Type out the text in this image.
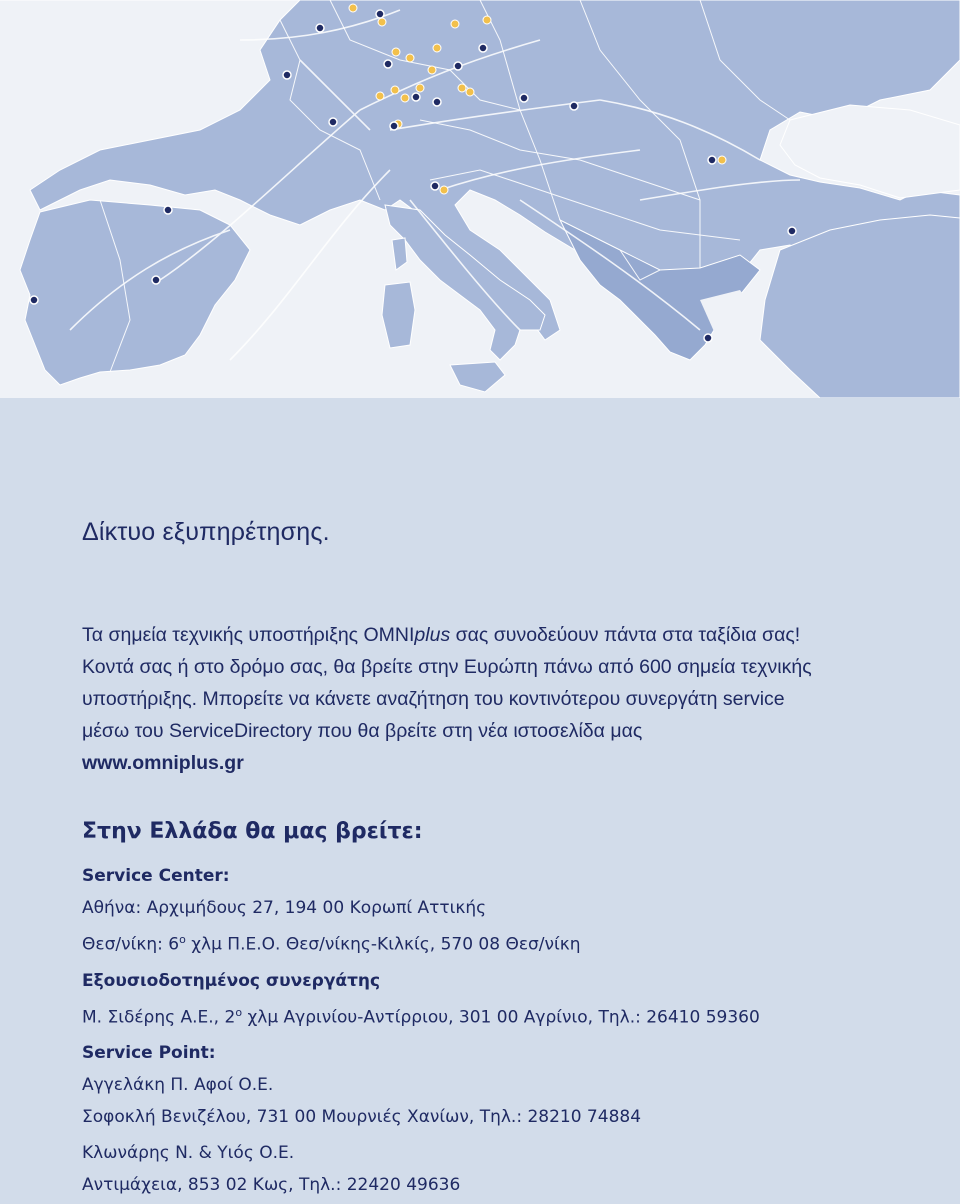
Δίκτυο εξυπηρέτησης.

Τα σημεία τεχνικής υποστήριξης OMNIplus σας συνοδεύουν πάντα στα ταξίδια σας!

Κοντά σας ή στο δρόμο σας, θα βρείτε στην Ευρώπη πάνω από 600 σημεία τεχνικής

υποστήριξης. Μπορείτε να κάνετε αναζήτηση του κοντινότερου συνεργάτη service

μέσω του ServiceDirectory που θα βρείτε στη νέα ιστοσελίδα μας

www.omniplus.gr

Στην Ελλάδα θα μας βρείτε:
Service Center:
Αθήνα: Αρχιμήδους 27, 194 00 Κορωπί Αττικής
Θεσ/νίκη: $6^o$ χλμ Π.Ε.Ο. Θεσ/νίκης-Κιλκίς, 570 08 Θεσ/νίκη
Εξουσιοδοτημένος συνεργάτης
Μ. Σιδέρης Α.Ε., $2^o$ χλμ Αγρινίου-Αντίρριου, 301 00 Αγρίνιο, Τηλ.: 26410 59360
Service Point:
Αγγελάκη Π. Αφοί Ο.Ε.
Σοφοκλή Βενιζέλου, 731 00 Μουρνιές Χανίων, Τηλ.: 28210 74884
Κλωνάρης Ν. & Υιός Ο.Ε.
Αντιμάχεια, 853 02 Κως, Τηλ.: 22420 49636
